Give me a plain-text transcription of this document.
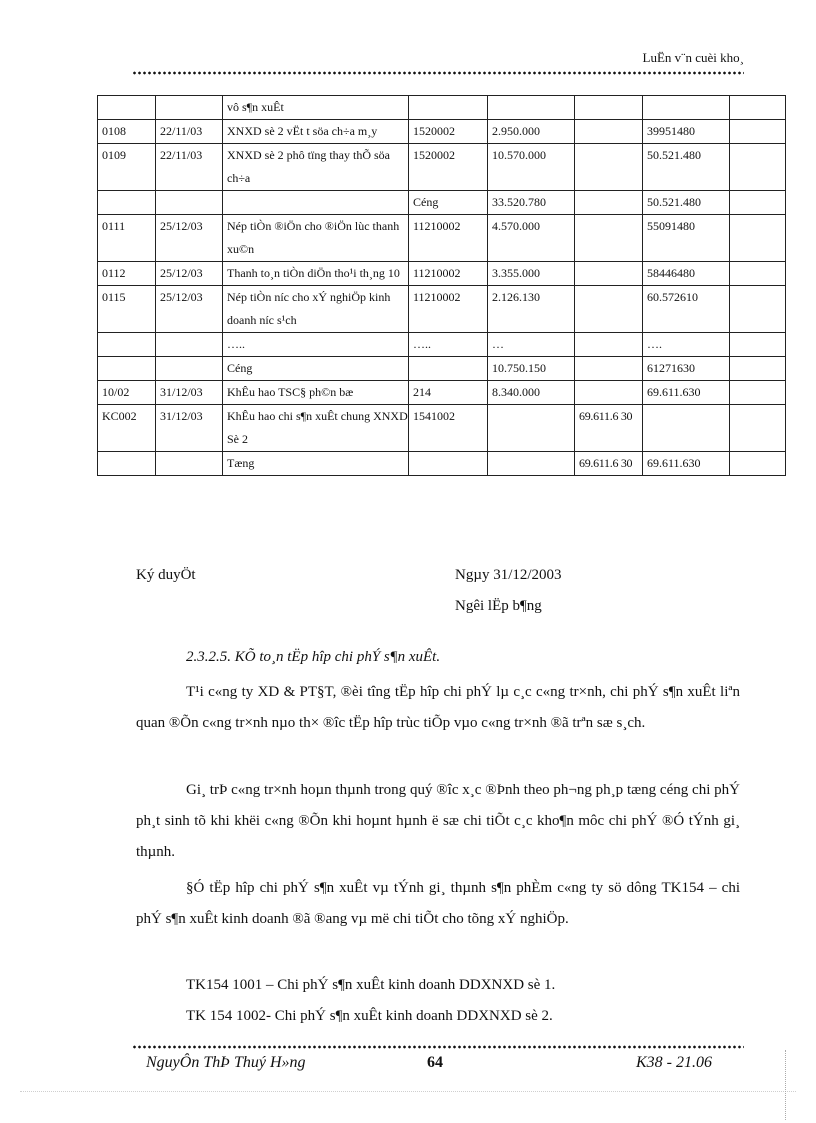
LuËn v¨n cuèi kho¸
		vô s¶n xuÊt					
0108	22/11/03	XNXD sè 2 vËt t söa ch÷a m¸y	1520002	2.950.000		39951480	
0109	22/11/03	XNXD sè 2 phô tïng thay thÕ söa ch÷a	1520002	10.570.000		50.521.480	
			Céng	33.520.780		50.521.480	
0111	25/12/03	Nép tiÒn ®iÖn cho ®iÖn lùc thanh xu©n	11210002	4.570.000		55091480	
0112	25/12/03	Thanh to¸n tiÒn diÖn tho¹i th¸ng 10	11210002	3.355.000		58446480	
0115	25/12/03	Nép tiÒn níc cho xÝ nghiÖp kinh doanh níc s¹ch	11210002	2.126.130		60.572610	
		…..	…..	…		….	
		Céng		10.750.150		61271630	
10/02	31/12/03	KhÊu hao TSC§ ph©n bæ	214	8.340.000		69.611.630	
KC002	31/12/03	KhÊu hao chi s¶n xuÊt chung XNXD Sè 2	1541002		69.611.6 30		
		Tæng			69.611.6 30	69.611.630	
Ký duyÖt	Ngµy 31/12/2003
Ngêi lËp b¶ng
2.3.2.5. KÕ to¸n tËp hîp chi phÝ s¶n xuÊt.
T¹i c«ng ty XD & PT§T, ®èi tîng tËp hîp chi phÝ lµ c¸c c«ng tr×nh, chi phÝ s¶n xuÊt liªn quan ®Õn c«ng tr×nh nµo th× ®îc tËp hîp trùc tiÕp vµo c«ng tr×nh ®ã trªn sæ s¸ch.
Gi¸ trÞ c«ng tr×nh hoµn thµnh trong quý ®îc x¸c ®Þnh theo ph¬ng ph¸p tæng céng chi phÝ ph¸t sinh tõ khi khëi c«ng ®Õn khi hoµnt hµnh ë sæ chi tiÕt c¸c kho¶n môc chi phÝ ®Ó tÝnh gi¸ thµnh.
§Ó tËp hîp chi phÝ s¶n xuÊt vµ tÝnh gi¸ thµnh s¶n phÈm c«ng ty sö dông TK154 – chi phÝ s¶n xuÊt kinh doanh ®ã ®ang vµ më chi tiÕt cho tõng xÝ nghiÖp.
TK154 1001 – Chi phÝ s¶n xuÊt kinh doanh DDXNXD sè 1.
TK 154 1002- Chi phÝ s¶n xuÊt kinh doanh DDXNXD sè 2.
NguyÔn ThÞ Thuý H»ng	64	K38 - 21.06
